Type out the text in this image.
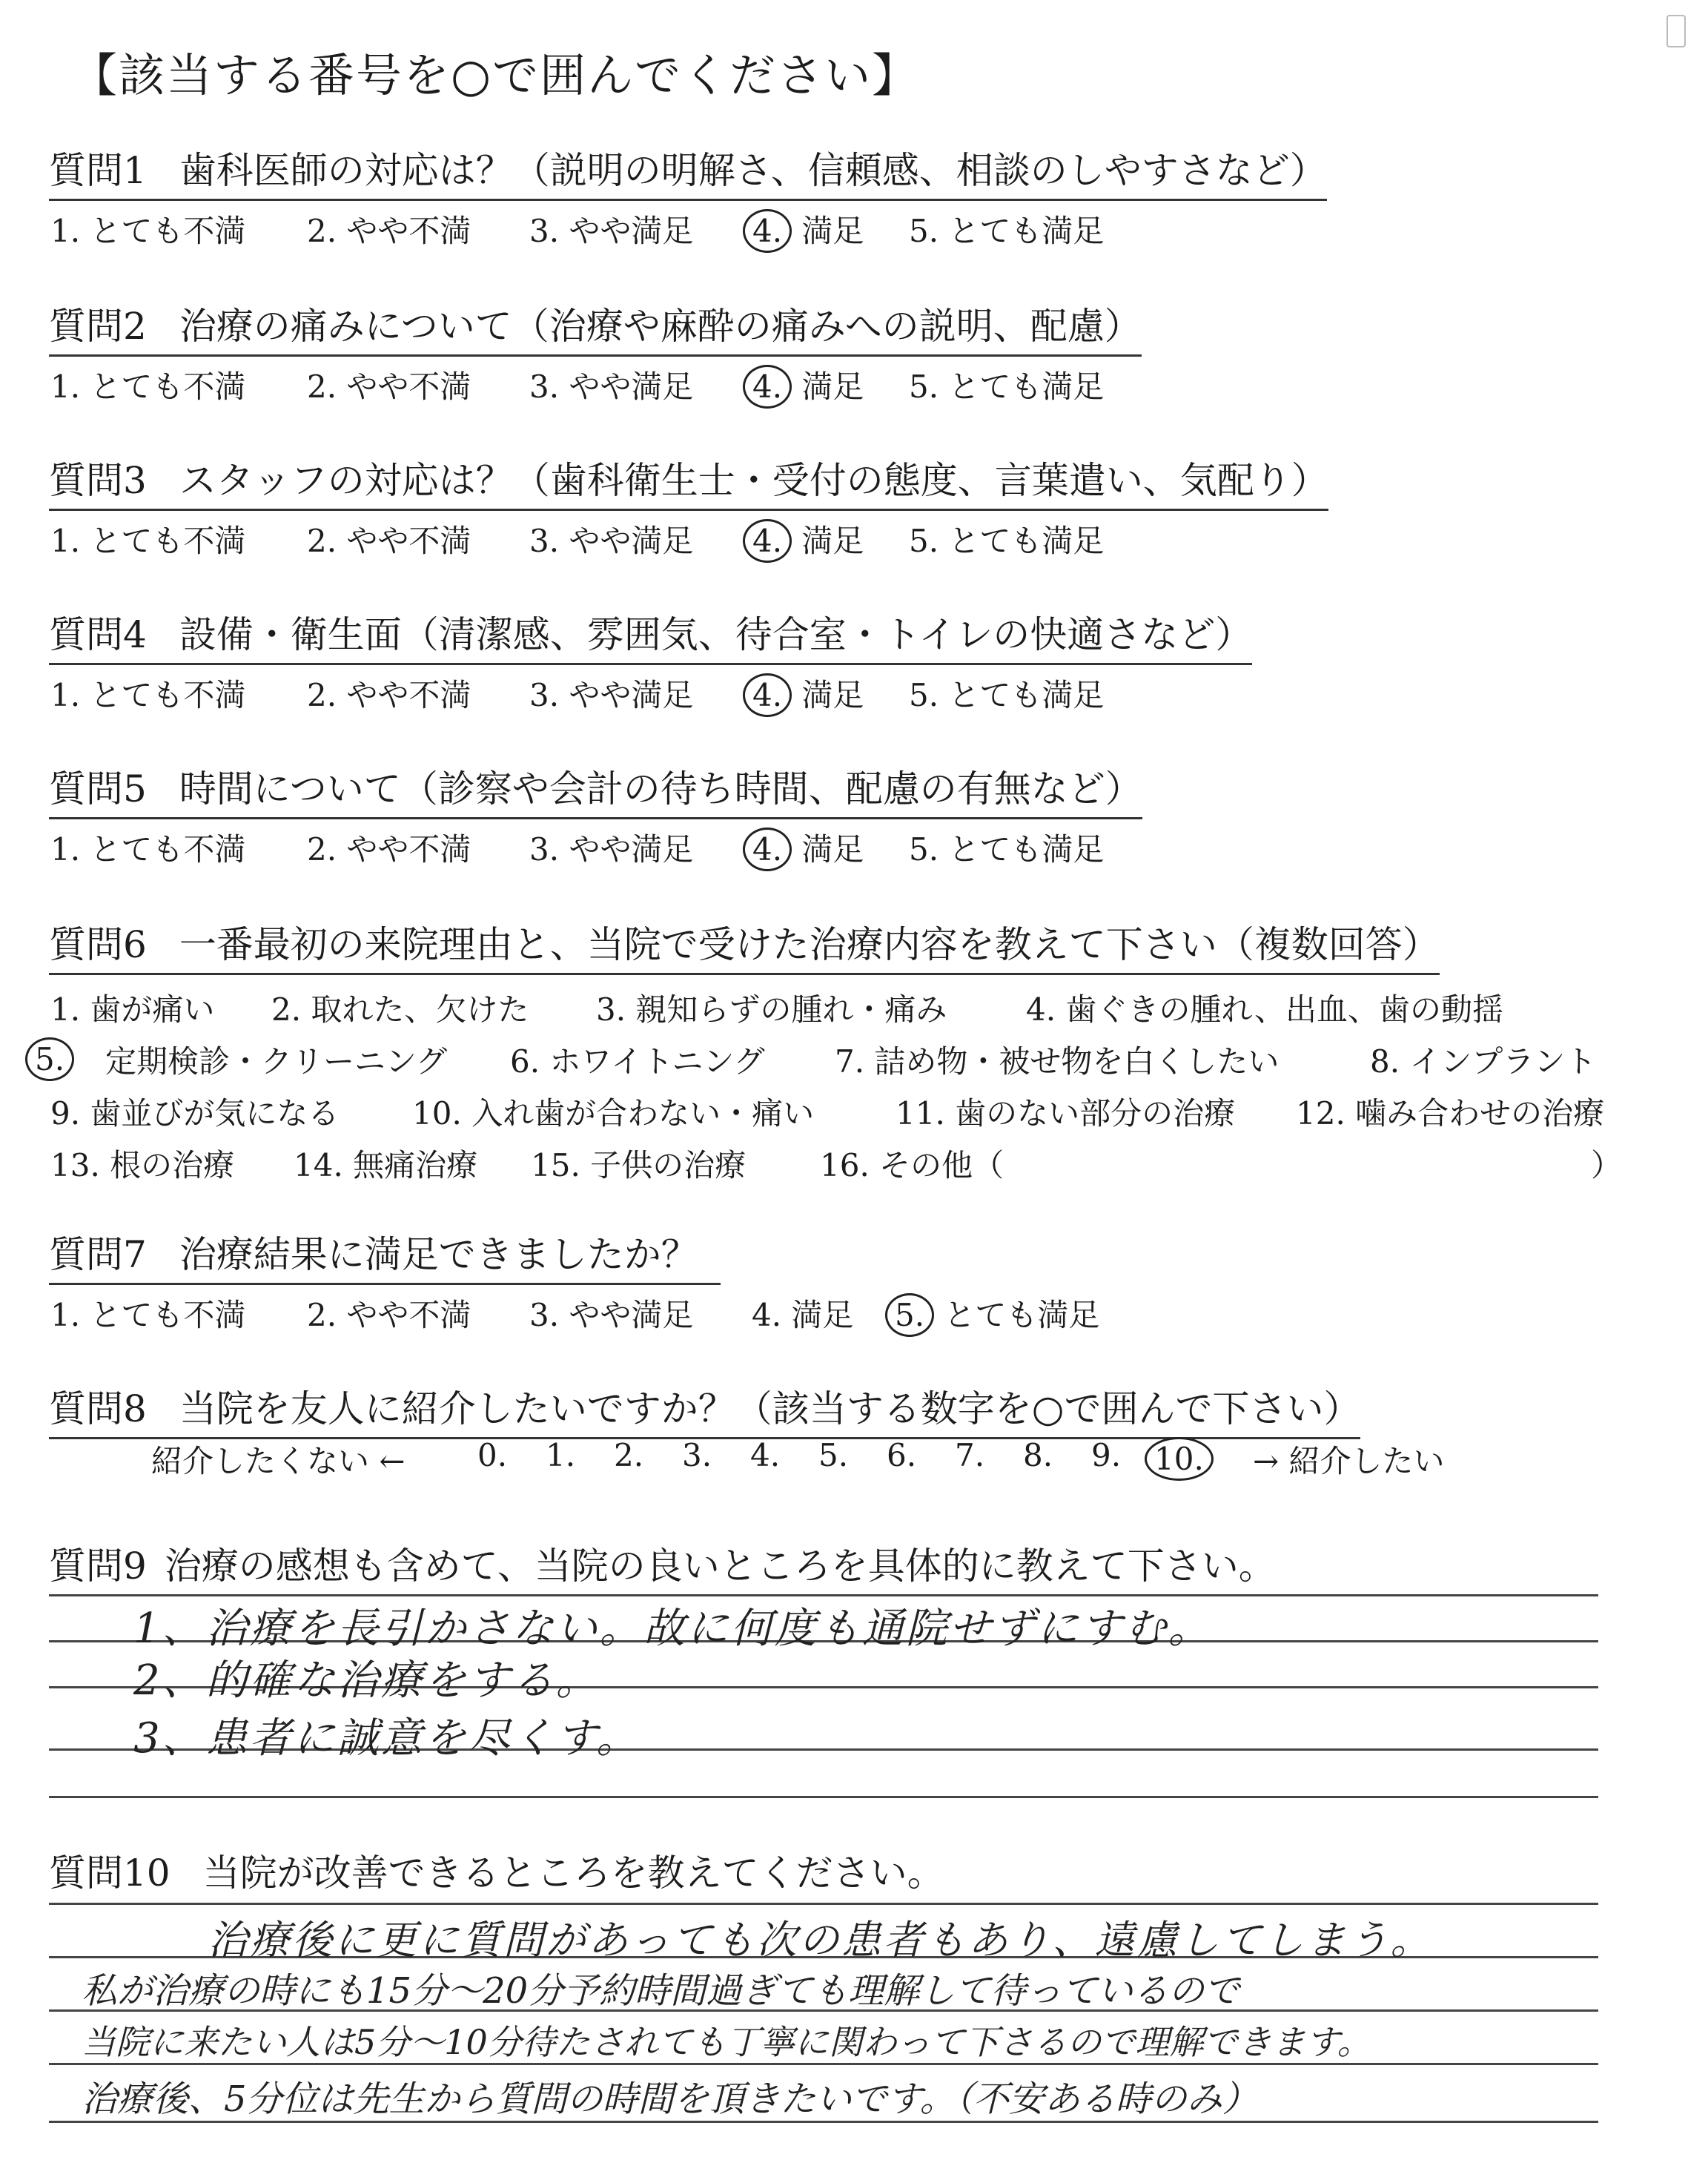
【該当する番号を○で囲んでください】
質問1 歯科医師の対応は？（説明の明解さ、信頼感、相談のしやすさなど）
1. とても不満 2. やや不満 3. やや満足 4. 満足 5. とても満足
質問2 治療の痛みについて（治療や麻酔の痛みへの説明、配慮）
1. とても不満 2. やや不満 3. やや満足 4. 満足 5. とても満足
質問3 スタッフの対応は？（歯科衛生士・受付の態度、言葉遣い、気配り）
1. とても不満 2. やや不満 3. やや満足 4. 満足 5. とても満足
質問4 設備・衛生面（清潔感、雰囲気、待合室・トイレの快適さなど）
1. とても不満 2. やや不満 3. やや満足 4. 満足 5. とても満足
質問5 時間について（診察や会計の待ち時間、配慮の有無など）
1. とても不満 2. やや不満 3. やや満足 4. 満足 5. とても満足
質問6 一番最初の来院理由と、当院で受けた治療内容を教えて下さい（複数回答）
1. 歯が痛い 2. 取れた、欠けた 3. 親知らずの腫れ・痛み	4. 歯ぐきの腫れ、出血、歯の動揺
5.	定期検診・クリーニング 6. ホワイトニング 7. 詰め物・被せ物を白くしたい	8. インプラント
9. 歯並びが気になる 10. 入れ歯が合わない・痛い	11. 歯のない部分の治療 12. 噛み合わせの治療
13. 根の治療 14. 無痛治療 15. 子供の治療 16. その他（	）
質問7 治療結果に満足できましたか？
1. とても不満 2. やや不満 3. やや満足 4. 満足 5. とても満足
質問8 当院を友人に紹介したいですか？（該当する数字を○で囲んで下さい）
紹介したくない ← 0. 1. 2. 3. 4. 5. 6. 7. 8. 9.	10.	→ 紹介したい
質問9 治療の感想も含めて、当院の良いところを具体的に教えて下さい。
1、治療を長引かさない。故に何度も通院せずにすむ。
2、的確な治療をする。
3、患者に誠意を尽くす。
質問10 当院が改善できるところを教えてください。
治療後に更に質問があっても次の患者もあり、遠慮してしまう。
私が治療の時にも15分〜20分予約時間過ぎても理解して待っているので
当院に来たい人は5分〜10分待たされても丁寧に関わって下さるので理解できます。
治療後、5分位は先生から質問の時間を頂きたいです。（不安ある時のみ）
